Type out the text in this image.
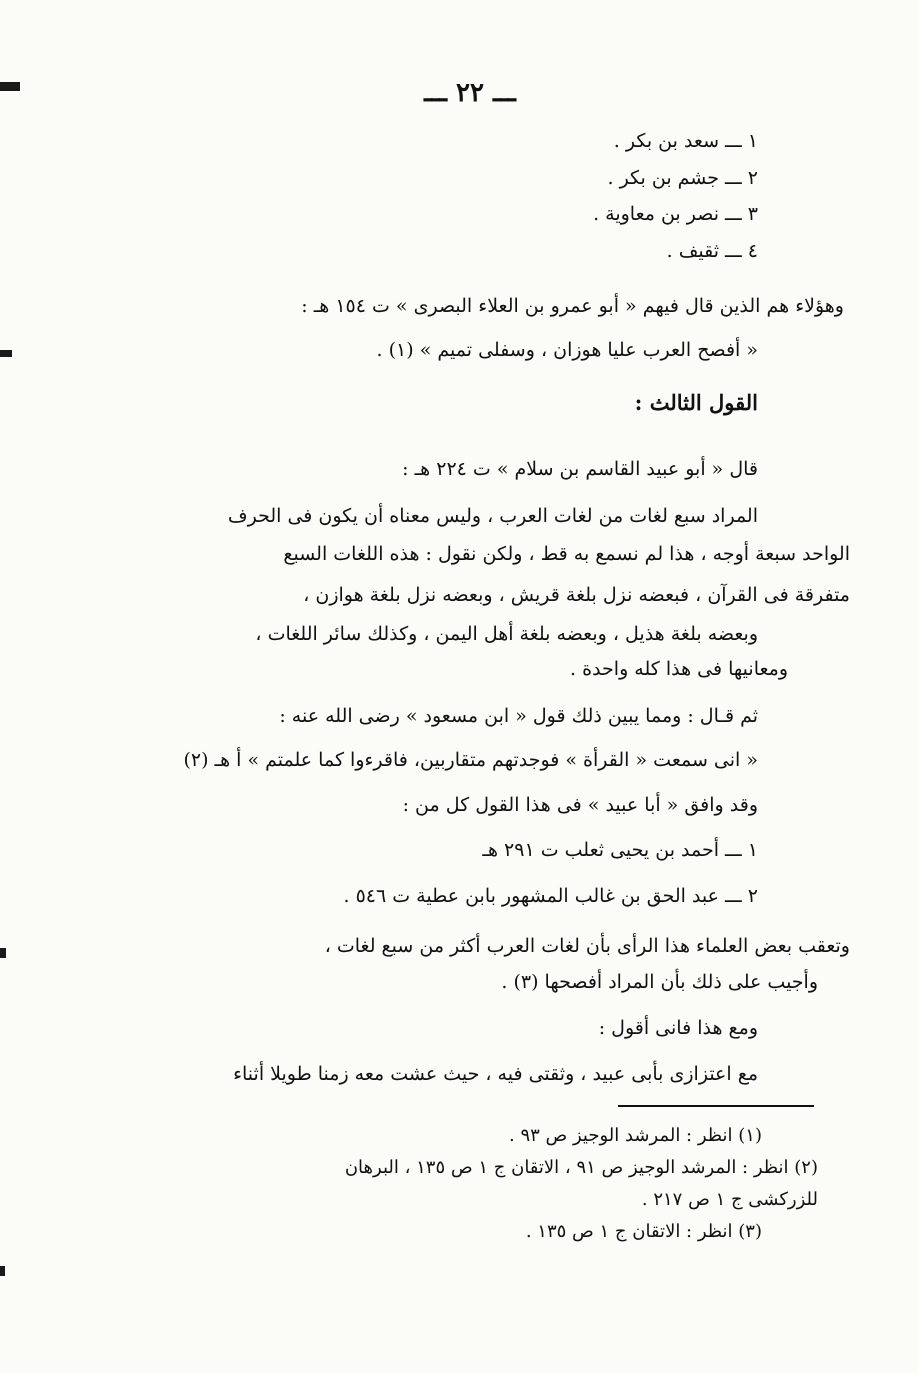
ـــ ٢٢ ـــ
١ ـــ سعد بن بكر .
٢ ـــ جشم بن بكر .
٣ ـــ نصر بن معاوية .
٤ ـــ ثقيف .
وهؤلاء هم الذين قال فيهم « أبو عمرو بن العلاء البصرى » ت ١٥٤ هـ :
« أفصح العرب عليا هوزان ، وسفلى تميم » (١) .
القول الثالث :
قال « أبو عبيد القاسم بن سلام » ت ٢٢٤ هـ :
المراد سبع لغات من لغات العرب ، وليس معناه أن يكون فى الحرف
الواحد سبعة أوجه ، هذا لم نسمع به قط ، ولكن نقول : هذه اللغات السبع
متفرقة فى القرآن ، فبعضه نزل بلغة قريش ، وبعضه نزل بلغة هوازن ،
وبعضه بلغة هذيل ، وبعضه بلغة أهل اليمن ، وكذلك سائر اللغات ،
ومعانيها فى هذا كله واحدة .
ثم قـال : ومما يبين ذلك قول « ابن مسعود » رضى الله عنه :
« انى سمعت « القرأة » فوجدتهم متقاربين، فاقرءوا كما علمتم » أ هـ (٢)
وقد وافق « أبا عبيد » فى هذا القول كل من :
١ ـــ أحمد بن يحيى ثعلب ت ٢٩١ هـ
٢ ـــ عبد الحق بن غالب المشهور بابن عطية ت ٥٤٦ .
وتعقب بعض العلماء هذا الرأى بأن لغات العرب أكثر من سبع لغات ،
وأجيب على ذلك بأن المراد أفصحها (٣) .
ومع هذا فانى أقول :
مع اعتزازى بأبى عبيد ، وثقتى فيه ، حيث عشت معه زمنا طويلا أثناء
(١) انظر : المرشد الوجيز ص ٩٣ .
(٢) انظر : المرشد الوجيز ص ٩١ ، الاتقان ج ١ ص ١٣٥ ، البرهان
للزركشى ج ١ ص ٢١٧ .
(٣) انظر : الاتقان ج ١ ص ١٣٥ .
